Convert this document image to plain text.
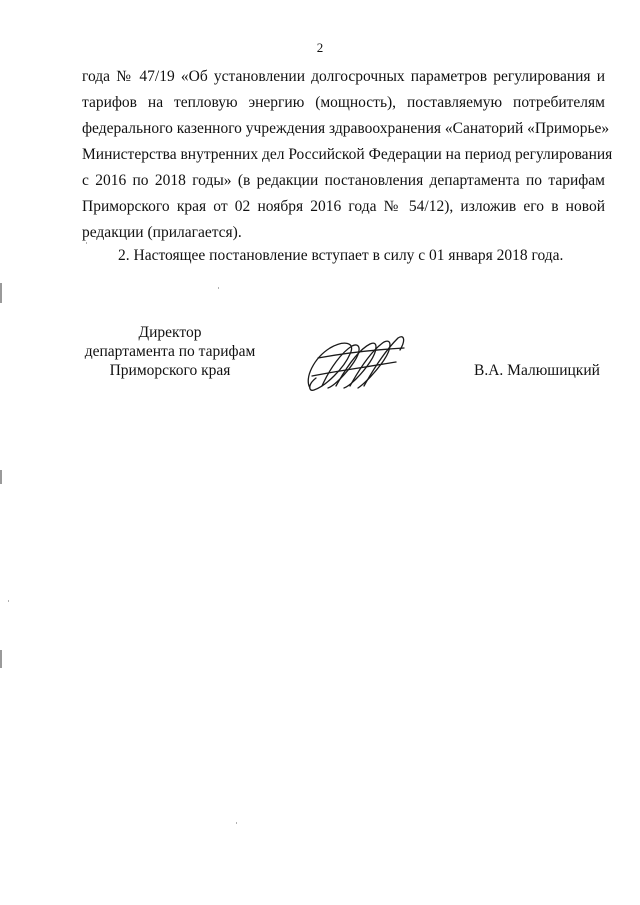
2
года № 47/19 «Об установлении долгосрочных параметров регулирования и
тарифов на тепловую энергию (мощность), поставляемую потребителям
федерального казенного учреждения здравоохранения «Санаторий «Приморье»
Министерства внутренних дел Российской Федерации на период регулирования
с 2016 по 2018 годы» (в редакции постановления департамента по тарифам
Приморского края от 02 ноября 2016 года № 54/12), изложив его в новой
редакции (прилагается).

2. Настоящее постановление вступает в силу с 01 января 2018 года.

Директор
департамента по тарифам
Приморского края	В.А. Малюшицкий
